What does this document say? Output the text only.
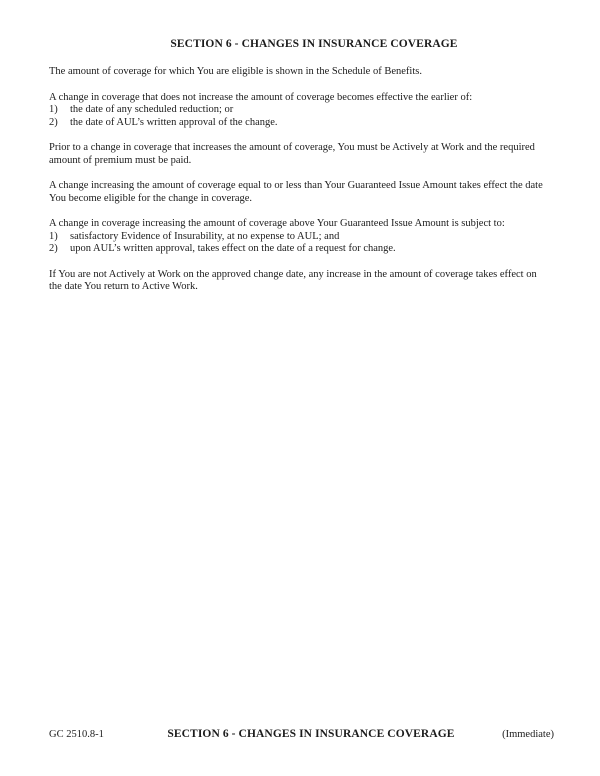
SECTION 6 - CHANGES IN INSURANCE COVERAGE
The amount of coverage for which You are eligible is shown in the Schedule of Benefits.
A change in coverage that does not increase the amount of coverage becomes effective the earlier of:
1)	the date of any scheduled reduction; or
2)	the date of AUL’s written approval of the change.
Prior to a change in coverage that increases the amount of coverage, You must be Actively at Work and the required
amount of premium must be paid.
A change increasing the amount of coverage equal to or less than Your Guaranteed Issue Amount takes effect the date
You become eligible for the change in coverage.
A change in coverage increasing the amount of coverage above Your Guaranteed Issue Amount is subject to:
1)	satisfactory Evidence of Insurability, at no expense to AUL; and
2)	upon AUL’s written approval, takes effect on the date of a request for change.
If You are not Actively at Work on the approved change date, any increase in the amount of coverage takes effect on
the date You return to Active Work.
GC 2510.8-1	SECTION 6 - CHANGES IN INSURANCE COVERAGE	(Immediate)
